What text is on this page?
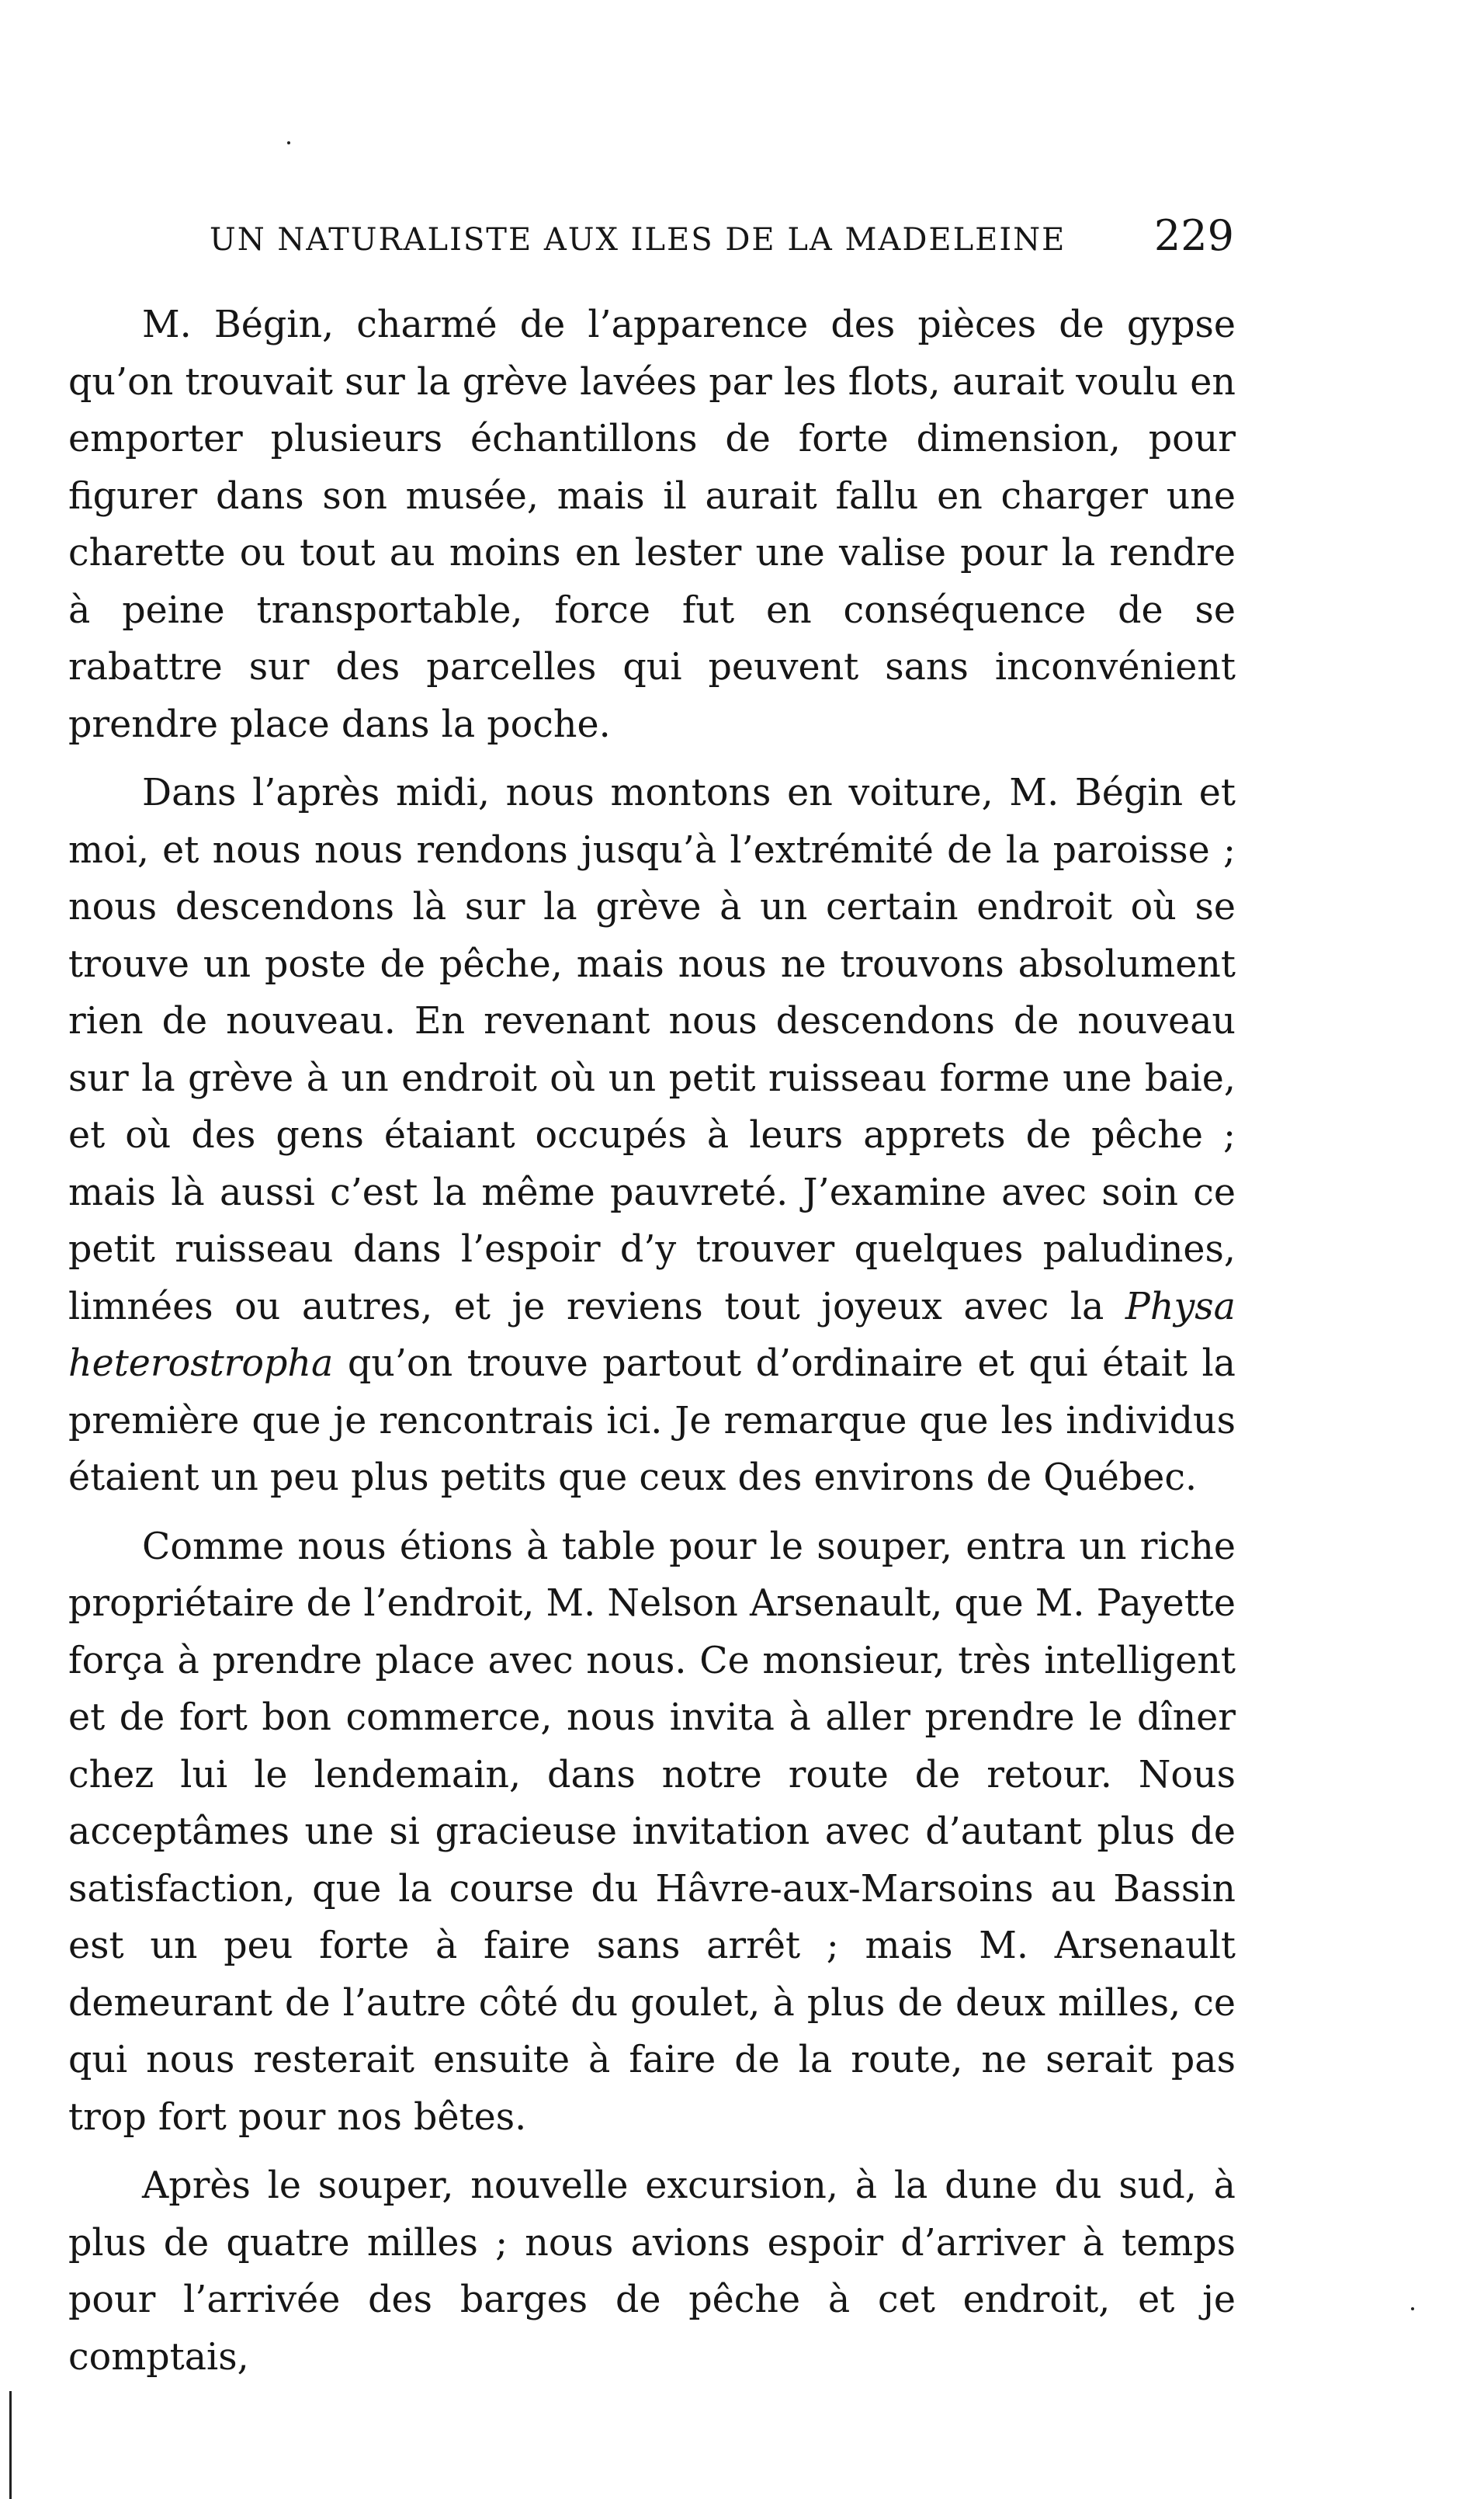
UN NATURALISTE AUX ILES DE LA MADELEINE 229

M. Bégin, charmé de l’apparence des pièces de gypse qu’on trouvait sur la grève lavées par les flots, aurait voulu en emporter plusieurs échantillons de forte dimension, pour figurer dans son musée, mais il aurait fallu en charger une charette ou tout au moins en lester une valise pour la rendre à peine transportable, force fut en conséquence de se rabattre sur des parcelles qui peuvent sans inconvénient prendre place dans la poche.

Dans l’après midi, nous montons en voiture, M. Bégin et moi, et nous nous rendons jusqu’à l’extrémité de la paroisse ; nous descendons là sur la grève à un certain endroit où se trouve un poste de pêche, mais nous ne trouvons absolument rien de nouveau. En revenant nous descendons de nouveau sur la grève à un endroit où un petit ruisseau forme une baie, et où des gens étaiant occupés à leurs apprets de pêche ; mais là aussi c’est la même pauvreté. J’examine avec soin ce petit ruisseau dans l’espoir d’y trouver quelques paludines, limnées ou autres, et je reviens tout joyeux avec la Physa heterostropha qu’on trouve partout d’ordinaire et qui était la première que je rencontrais ici. Je remarque que les individus étaient un peu plus petits que ceux des environs de Québec.

Comme nous étions à table pour le souper, entra un riche propriétaire de l’endroit, M. Nelson Arsenault, que M. Payette força à prendre place avec nous. Ce monsieur, très intelligent et de fort bon commerce, nous invita à aller prendre le dîner chez lui le lendemain, dans notre route de retour. Nous acceptâmes une si gracieuse invitation avec d’autant plus de satisfaction, que la course du Hâvre-aux-Marsoins au Bassin est un peu forte à faire sans arrêt ; mais M. Arsenault demeurant de l’autre côté du goulet, à plus de deux milles, ce qui nous resterait ensuite à faire de la route, ne serait pas trop fort pour nos bêtes.

Après le souper, nouvelle excursion, à la dune du sud, à plus de quatre milles ; nous avions espoir d’arriver à temps pour l’arrivée des barges de pêche à cet endroit, et je comptais,
